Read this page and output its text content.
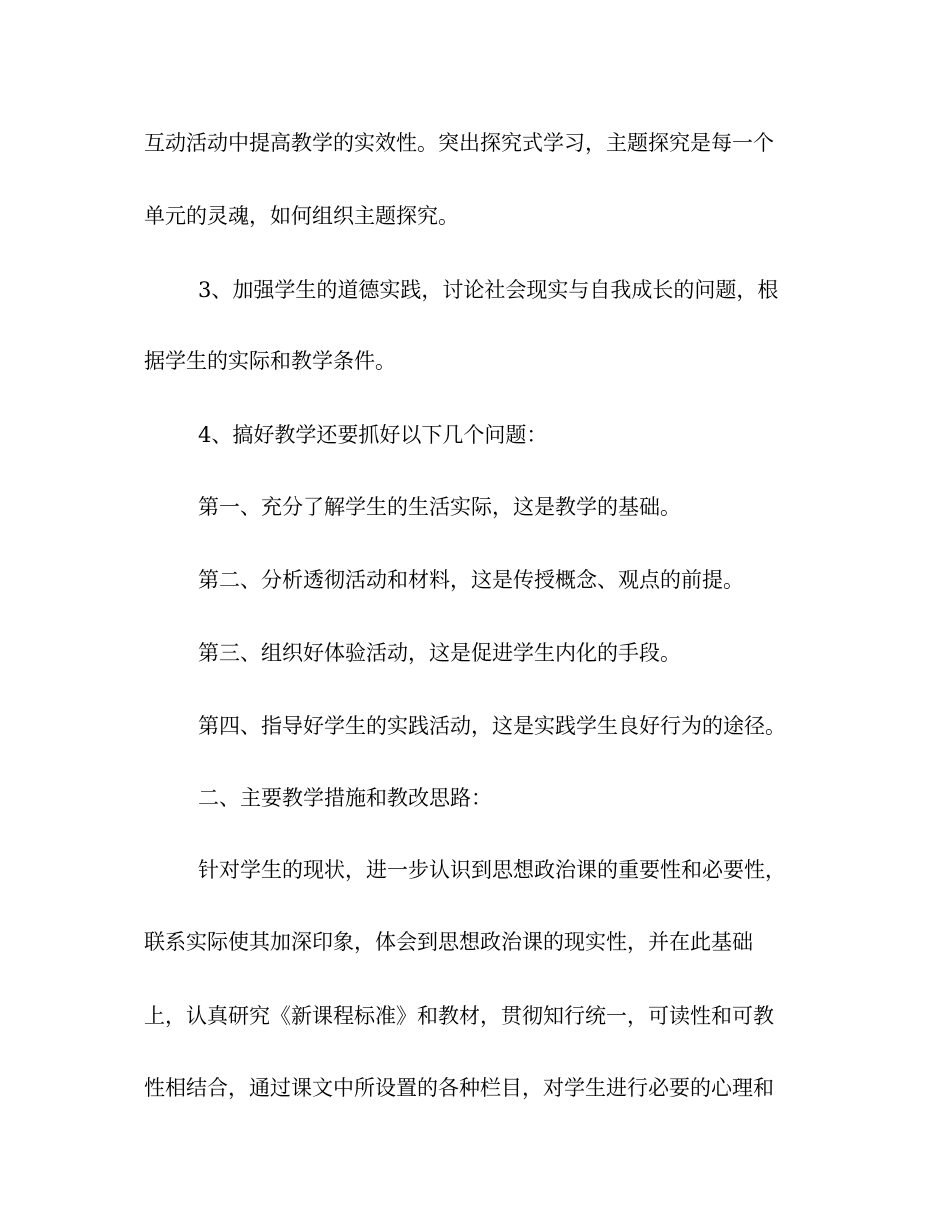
互动活动中提高教学的实效性。突出探究式学习，主题探究是每一个
单元的灵魂，如何组织主题探究。
3、加强学生的道德实践，讨论社会现实与自我成长的问题，根
据学生的实际和教学条件。
4、搞好教学还要抓好以下几个问题：
第一、充分了解学生的生活实际，这是教学的基础。
第二、分析透彻活动和材料，这是传授概念、观点的前提。
第三、组织好体验活动，这是促进学生内化的手段。
第四、指导好学生的实践活动，这是实践学生良好行为的途径。
二、主要教学措施和教改思路：
针对学生的现状，进一步认识到思想政治课的重要性和必要性，
联系实际使其加深印象，体会到思想政治课的现实性，并在此基础
上，认真研究《新课程标准》和教材，贯彻知行统一，可读性和可教
性相结合，通过课文中所设置的各种栏目，对学生进行必要的心理和
